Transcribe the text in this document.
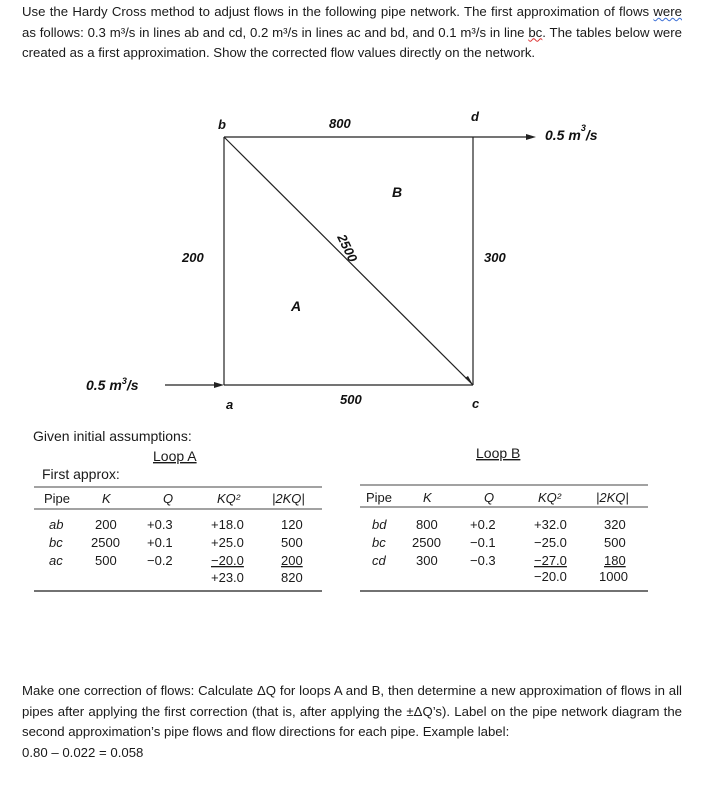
Use the Hardy Cross method to adjust flows in the following pipe network. The first approximation of flows were as follows: 0.3 m³/s in lines ab and cd, 0.2 m³/s in lines ac and bd, and 0.1 m³/s in line bc. The tables below were created as a first approximation. Show the corrected flow values directly on the network.
b
d
a	c
800
200	300
500
2500
A
B
0.5 $m^3/s$
0.5 $m^3/s$
Given initial assumptions:
Loop A	Loop B
First approx:
Pipe K	Q	KQ² |2KQ|
ab 200 +0.3	+18.0	120
bc 2500 +0.1	+25.0	500
ac 500 −0.2	−20.0	200
+23.0	820
Pipe K	Q	KQ²	|2KQ|
bd 800 +0.2	+32.0	320
bc 2500 −0.1	−25.0	500
cd 300 −0.3	−27.0	180
−20.0 1000
Make one correction of flows: Calculate ΔQ for loops A and B, then determine a new approximation of flows in all pipes after applying the first correction (that is, after applying the ±ΔQ’s). Label on the pipe network diagram the second approximation’s pipe flows and flow directions for each pipe. Example label:
0.80 – 0.022 = 0.058
